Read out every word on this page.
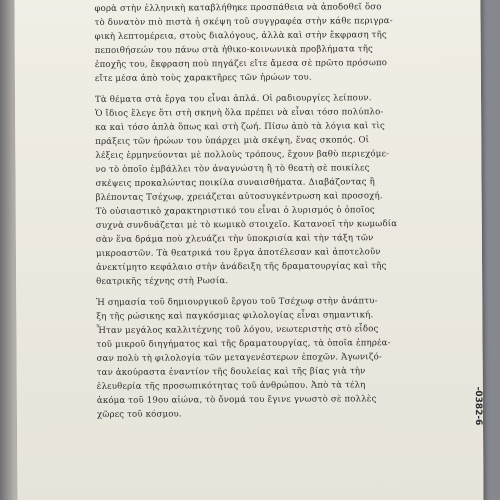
φορὰ στὴν ἑλληνικὴ καταβλήθηκε προσπάθεια νὰ ἀποδοθεῖ ὅσο
τὸ δυνατὸν πιὸ πιστὰ ἡ σκέψη τοῦ συγγραφέα στὴν κάθε περιγρα-
φικὴ λεπτομέρεια, στοὺς διαλόγους, ἀλλὰ καὶ στὴν ἔκφραση τῆς
πεποιθήσεών του πάνω στὰ ἠθικο-κοινωνικὰ προβλήματα τῆς
ἐποχῆς του, ἔκφραση ποὺ πηγάζει εἴτε ἄμεσα σὲ πρῶτο πρόσωπο
εἴτε μέσα ἀπὸ τοὺς χαρακτῆρες τῶν ἡρώων του.
Τὰ θέματα στὰ ἔργα του εἶναι ἁπλά. Οἱ ραδιουργίες λείπουν.
Ὁ ἴδιος ἔλεγε ὅτι στὴ σκηνὴ ὅλα πρέπει νὰ εἶναι τόσο πολύπλο-
κα καὶ τόσο ἁπλὰ ὅπως καὶ στὴ ζωή. Πίσω ἀπὸ τὰ λόγια καὶ τὶς
πράξεις τῶν ἡρώων του ὑπάρχει μιὰ σκέψη, ἕνας σκοπός. Οἱ
λέξεις ἑρμηνεύονται μὲ πολλοὺς τρόπους, ἔχουν βαθὺ περιεχόμε-
νο τὸ ὁποῖο ἐμβάλλει τὸν ἀναγνώστη ἢ τὸ θεατὴ σὲ ποικίλες
σκέψεις προκαλώντας ποικίλα συναισθήματα. Διαβάζοντας ἢ
βλέποντας Τσέχωφ, χρειάζεται αὐτοσυγκέντρωση καὶ προσοχή.
Τὸ οὐσιαστικὸ χαρακτηριστικό του εἶναι ὁ λυρισμός ὁ ὁποῖος
συχνὰ συνδυάζεται μὲ τὸ κωμικὸ στοιχεῖο. Κατανοεῖ τὴν κωμωδία
σὰν ἕνα δράμα ποὺ χλευάζει τὴν ὑποκρισία καὶ τὴν τάξη τῶν
μικροαστῶν. Τὰ θεατρικά του ἔργα ἀποτέλεσαν καὶ ἀποτελοῦν
ἀνεκτίμητο κεφάλαιο στὴν ἀνάδειξη τῆς δραματουργίας καὶ τῆς
θεατρικῆς τέχνης στὴ Ρωσία.
Ἡ σημασία τοῦ δημιουργικοῦ ἔργου τοῦ Τσέχωφ στὴν ἀνάπτυ-
ξη τῆς ρώσικης καὶ παγκόσμιας φιλολογίας εἶναι σημαντική.
Ἦταν μεγάλος καλλιτέχνης τοῦ λόγου, νεωτεριστὴς στὸ εἶδος
τοῦ μικροῦ διηγήματος καὶ τῆς δραματουργίας, τὰ ὁποῖα ἐπηρέα-
σαν πολὺ τὴ φιλολογία τῶν μεταγενέστερων ἐποχῶν. Ἀγωνιζό-
ταν ἀκούραστα ἐναντίον τῆς δουλείας καὶ τῆς βίας γιὰ τὴν
ἐλευθερία τῆς προσωπικότητας τοῦ ἀνθρώπου. Ἀπὸ τὰ τέλη
ἀκόμα τοῦ 19ου αἰώνα, τὸ ὄνομά του ἔγινε γνωστὸ σὲ πολλὲς
χῶρες τοῦ κόσμου.	-0382-6
